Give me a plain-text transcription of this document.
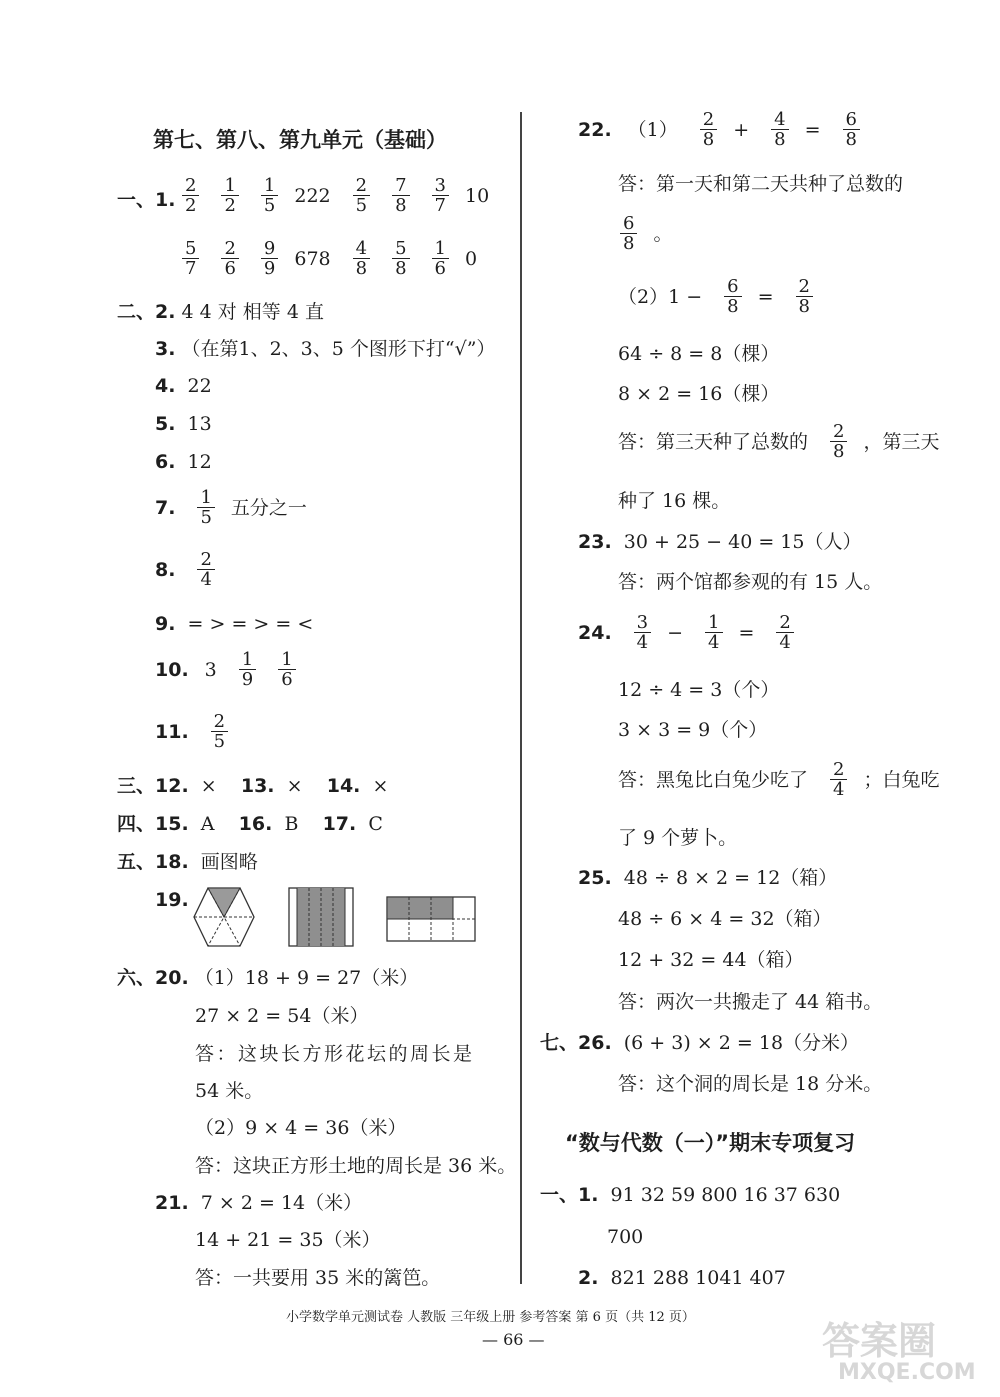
第七、第八、第九单元（基础）
一、1. $\frac{2}{2} \frac{1}{2} \frac{1}{5} 222 \frac{2}{5} \frac{7}{8} \frac{3}{7} 10$
$\frac{5}{7} \frac{2}{6} \frac{9}{9} 678 \frac{4}{8} \frac{5}{8} \frac{1}{6} 0$
二、2. 4 4 对 相等 4 直
3. （在第1、2、3、5 个图形下打“√”）
4. 22
5. 13
6. 12
7. $\frac{1}{5}$ 五分之一
8. $\frac{2}{4}$
9. = > = > = <
10. $3 \frac{1}{9} \frac{1}{6}$
11. $\frac{2}{5}$
三、12. × 13. × 14. ×
四、15. A 16. B 17. C
五、18. 画图略
19.
六、20. （1）18 + 9 = 27（米）
27 × 2 = 54（米）
答：这块长方形花坛的周长是
54 米。
（2）9 × 4 = 36（米）
答：这块正方形土地的周长是 36 米。
21. 7 × 2 = 14（米）
14 + 21 = 35（米）
答：一共要用 35 米的篱笆。
22. $(1) \frac{2}{8} + \frac{4}{8} = \frac{6}{8}$
答：第一天和第二天共种了总数的
$\frac{6}{8}$ 。
$(2)1 - \frac{6}{8} = \frac{2}{8}$
64 ÷ 8 = 8（棵）
8 × 2 = 16（棵）
答：第三天种了总数的 $\frac{2}{8}$ ，第三天
种了 16 棵。
23. 30 + 25 − 40 = 15（人）
答：两个馆都参观的有 15 人。
24. $\frac{3}{4} - \frac{1}{4} = \frac{2}{4}$
12 ÷ 4 = 3（个）
3 × 3 = 9（个）
答：黑兔比白兔少吃了 $\frac{2}{4}$ ；白兔吃
了 9 个萝卜。
25. 48 ÷ 8 × 2 = 12（箱）
48 ÷ 6 × 4 = 32（箱）
12 + 32 = 44（箱）
答：两次一共搬走了 44 箱书。
七、26. (6 + 3) × 2 = 18（分米）
答：这个洞的周长是 18 分米。
“数与代数（一）”期末专项复习
一、1. 91 32 59 800 16 37 630
700
2. 821 288 1041 407
小学数学单元测试卷 人教版 三年级上册 参考答案 第 6 页（共 12 页）
— 66 —	答案圈
MXQE.COM
